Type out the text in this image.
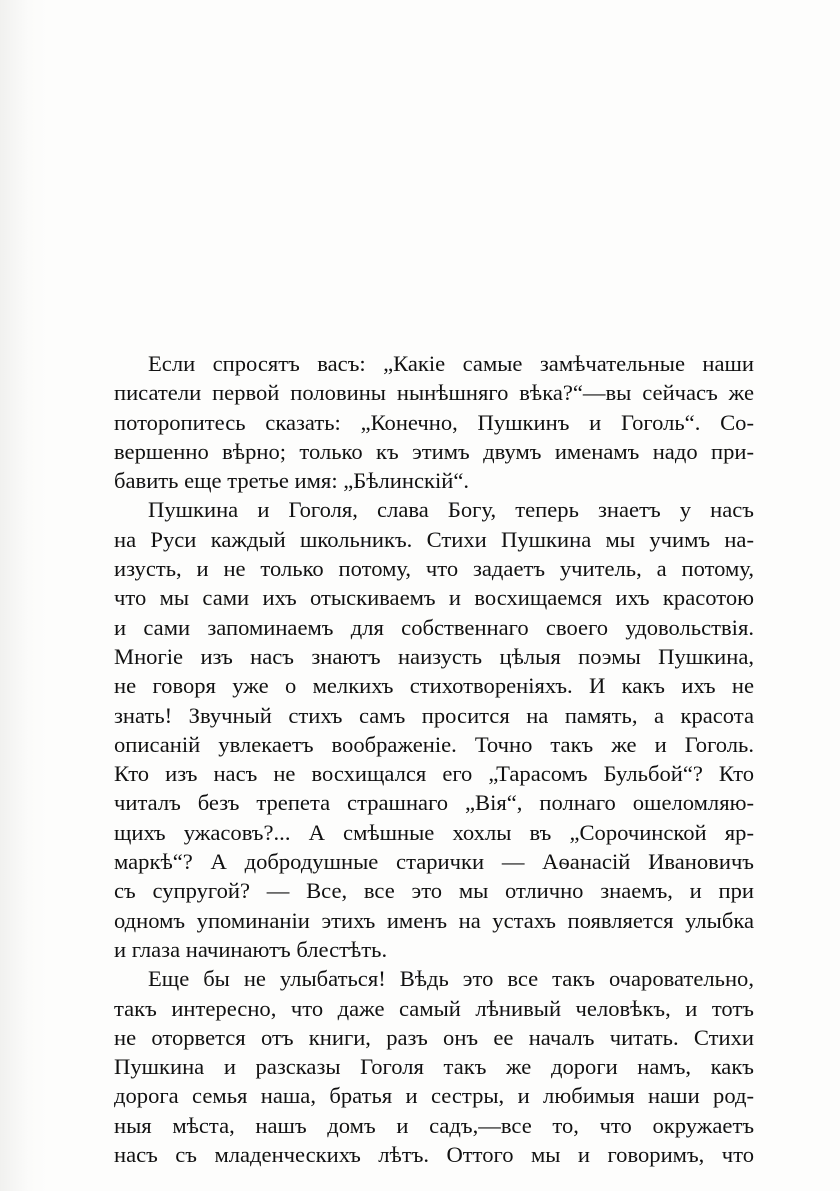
Если спросятъ васъ: „Какіе самые замѣчательные наши
писатели первой половины нынѣшняго вѣка?“—вы сейчасъ же
поторопитесь сказать: „Конечно, Пушкинъ и Гоголь“. Со-
вершенно вѣрно; только къ этимъ двумъ именамъ надо при-
бавить еще третье имя: „Бѣлинскій“.
Пушкина и Гоголя, слава Богу, теперь знаетъ у насъ
на Руси каждый школьникъ. Стихи Пушкина мы учимъ на-
изусть, и не только потому, что задаетъ учитель, а потому,
что мы сами ихъ отыскиваемъ и восхищаемся ихъ красотою
и сами запоминаемъ для собственнаго своего удовольствія.
Многіе изъ насъ знаютъ наизусть цѣлыя поэмы Пушкина,
не говоря уже о мелкихъ стихотвореніяхъ. И какъ ихъ не
знать! Звучный стихъ самъ просится на память, а красота
описаній увлекаетъ воображеніе. Точно такъ же и Гоголь.
Кто изъ насъ не восхищался его „Тарасомъ Бульбой“? Кто
читалъ безъ трепета страшнаго „Вія“, полнаго ошеломляю-
щихъ ужасовъ?... А смѣшные хохлы въ „Сорочинской яр-
маркѣ“? А добродушные старички — Аѳанасій Ивановичъ
съ супругой? — Все, все это мы отлично знаемъ, и при
одномъ упоминаніи этихъ именъ на устахъ появляется улыбка
и глаза начинаютъ блестѣть.
Еще бы не улыбаться! Вѣдь это все такъ очаровательно,
такъ интересно, что даже самый лѣнивый человѣкъ, и тотъ
не оторвется отъ книги, разъ онъ ее началъ читать. Стихи
Пушкина и разсказы Гоголя такъ же дороги намъ, какъ
дорога семья наша, братья и сестры, и любимыя наши род-
ныя мѣста, нашъ домъ и садъ,—все то, что окружаетъ
насъ съ младенческихъ лѣтъ. Оттого мы и говоримъ, что
